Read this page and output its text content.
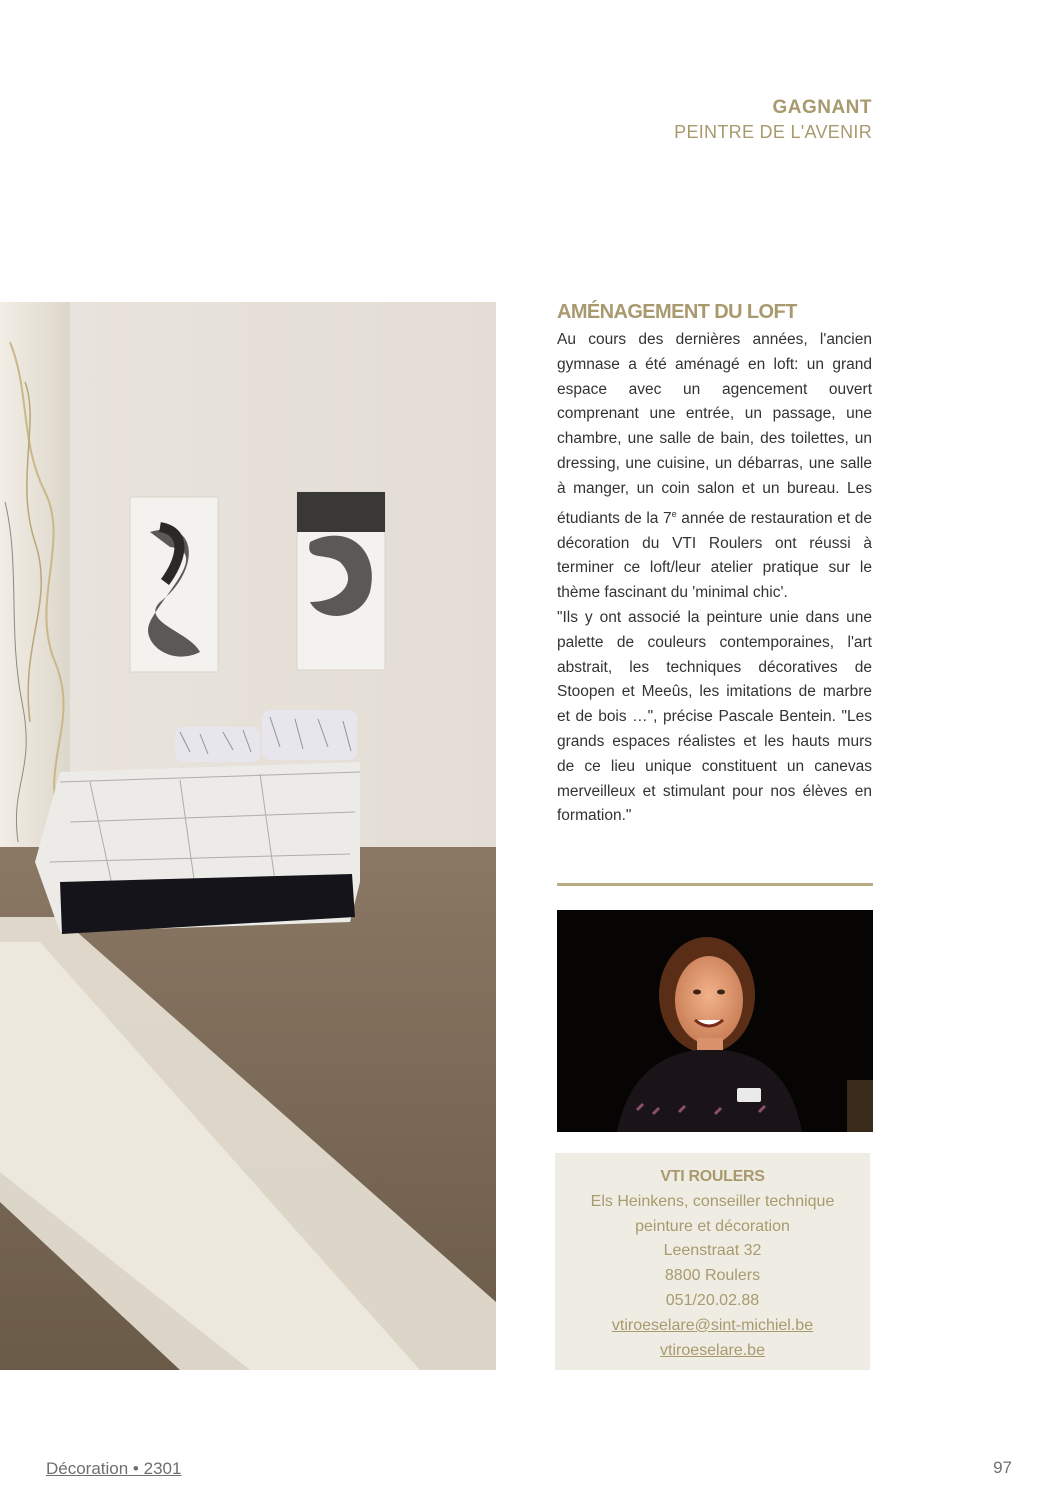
GAGNANT
PEINTRE DE L'AVENIR
AMÉNAGEMENT DU LOFT

Au cours des dernières années, l'ancien gymnase a été aménagé en loft: un grand espace avec un agencement ouvert comprenant une entrée, un passage, une chambre, une salle de bain, des toilettes, un dressing, une cuisine, un débarras, une salle à manger, un coin salon et un bureau. Les étudiants de la 7e année de restauration et de décoration du VTI Roulers ont réussi à terminer ce loft/leur atelier pratique sur le thème fascinant du 'minimal chic'.

"Ils y ont associé la peinture unie dans une palette de couleurs contemporaines, l'art abstrait, les techniques décoratives de Stoopen et Meeûs, les imitations de marbre et de bois …", précise Pascale Bentein. "Les grands espaces réalistes et les hauts murs de ce lieu unique constituent un canevas merveilleux et stimulant pour nos élèves en formation."

VTI ROULERS
Els Heinkens, conseiller technique
peinture et décoration
Leenstraat 32
8800 Roulers
051/20.02.88
vtiroeselare@sint-michiel.be
vtiroeselare.be
Décoration • 2301	97
